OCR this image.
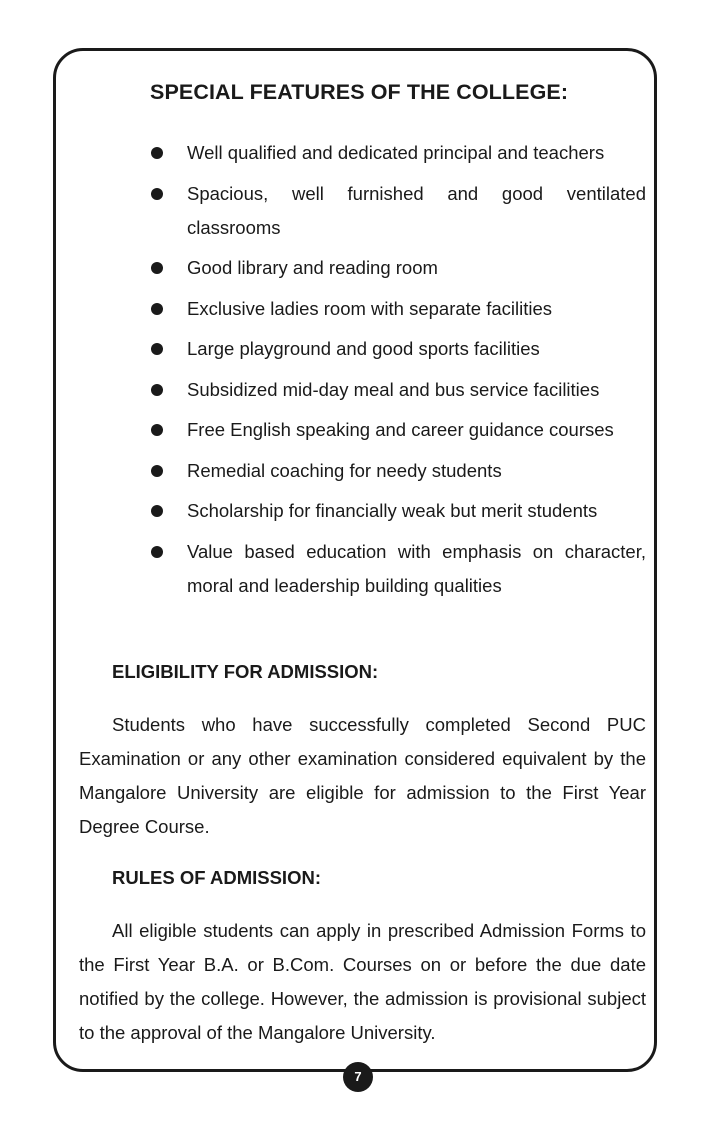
SPECIAL FEATURES OF THE COLLEGE:
Well qualified and dedicated principal and teachers
Spacious, well furnished and good ventilated classrooms
Good library and reading room
Exclusive ladies room with separate facilities
Large playground and good sports facilities
Subsidized mid-day meal and bus service facilities
Free English speaking and career guidance courses
Remedial coaching for needy students
Scholarship for financially weak but merit students
Value based education with emphasis on character, moral and leadership building qualities
ELIGIBILITY FOR ADMISSION:

Students who have successfully completed Second PUC Examination or any other examination considered equivalent by the Mangalore University are eligible for admission to the First Year Degree Course.

RULES OF ADMISSION:

All eligible students can apply in prescribed Admission Forms to the First Year B.A. or B.Com. Courses on or before the due date notified by the college. However, the admission is provisional subject to the approval of the Mangalore University.

7
